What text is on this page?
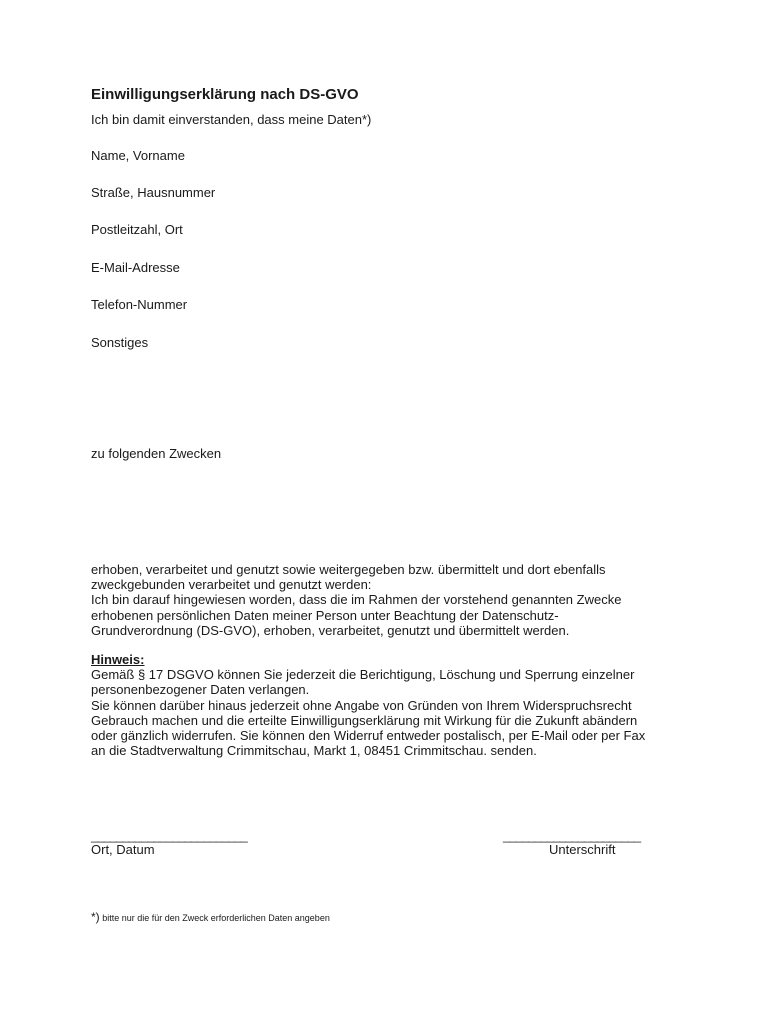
Einwilligungserklärung nach DS-GVO
Ich bin damit einverstanden, dass meine Daten*)
Name, Vorname
Straße, Hausnummer
Postleitzahl, Ort
E-Mail-Adresse
Telefon-Nummer
Sonstiges
zu folgenden Zwecken
erhoben, verarbeitet und genutzt sowie weitergegeben bzw. übermittelt und dort ebenfalls
zweckgebunden verarbeitet und genutzt werden:
Ich bin darauf hingewiesen worden, dass die im Rahmen der vorstehend genannten Zwecke
erhobenen persönlichen Daten meiner Person unter Beachtung der Datenschutz-
Grundverordnung (DS-GVO), erhoben, verarbeitet, genutzt und übermittelt werden.
Hinweis:
Gemäß § 17 DSGVO können Sie jederzeit die Berichtigung, Löschung und Sperrung einzelner
personenbezogener Daten verlangen.
Sie können darüber hinaus jederzeit ohne Angabe von Gründen von Ihrem Widerspruchsrecht
Gebrauch machen und die erteilte Einwilligungserklärung mit Wirkung für die Zukunft abändern
oder gänzlich widerrufen. Sie können den Widerruf entweder postalisch, per E-Mail oder per Fax
an die Stadtverwaltung Crimmitschau, Markt 1, 08451 Crimmitschau. senden.
_________________________
Ort, Datum
______________________
Unterschrift
*) bitte nur die für den Zweck erforderlichen Daten angeben
